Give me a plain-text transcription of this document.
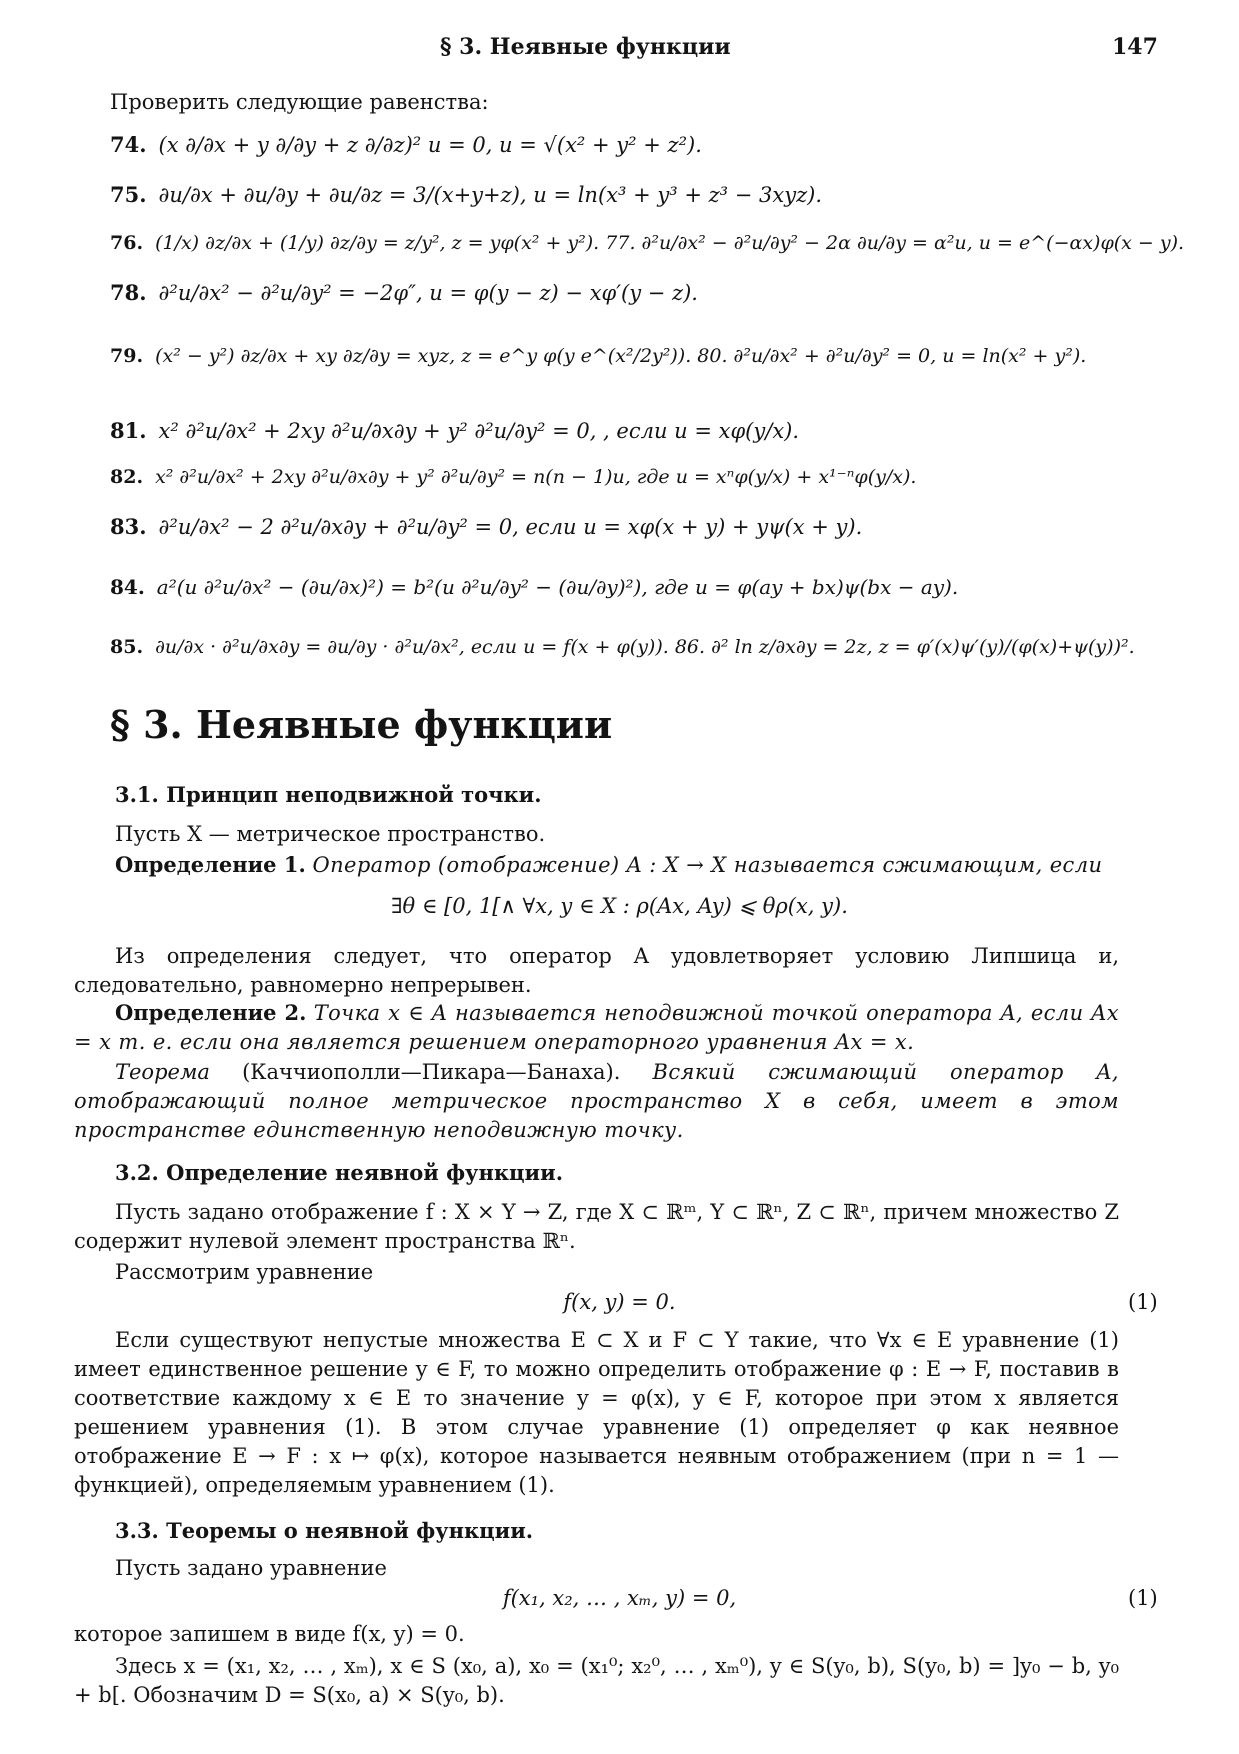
§ 3. Неявные функции	147
Проверить следующие равенства:
74. (x ∂/∂x + y ∂/∂y + z ∂/∂z)² u = 0, u = √(x² + y² + z²).
75. ∂u/∂x + ∂u/∂y + ∂u/∂z = 3/(x+y+z), u = ln(x³ + y³ + z³ − 3xyz).
76. (1/x) ∂z/∂x + (1/y) ∂z/∂y = z/y², z = yφ(x² + y²). 77. ∂²u/∂x² − ∂²u/∂y² − 2α ∂u/∂y = α²u, u = e^(−αx)φ(x − y).
78. ∂²u/∂x² − ∂²u/∂y² = −2φ″, u = φ(y − z) − xφ′(y − z).
79. (x² − y²) ∂z/∂x + xy ∂z/∂y = xyz, z = e^y φ(y e^(x²/2y²)). 80. ∂²u/∂x² + ∂²u/∂y² = 0, u = ln(x² + y²).
81. x² ∂²u/∂x² + 2xy ∂²u/∂x∂y + y² ∂²u/∂y² = 0, , если u = xφ(y/x).
82. x² ∂²u/∂x² + 2xy ∂²u/∂x∂y + y² ∂²u/∂y² = n(n − 1)u, где u = xⁿφ(y/x) + x¹⁻ⁿφ(y/x).
83. ∂²u/∂x² − 2 ∂²u/∂x∂y + ∂²u/∂y² = 0, если u = xφ(x + y) + yψ(x + y).
84. a²(u ∂²u/∂x² − (∂u/∂x)²) = b²(u ∂²u/∂y² − (∂u/∂y)²), где u = φ(ay + bx)ψ(bx − ay).
85. ∂u/∂x · ∂²u/∂x∂y = ∂u/∂y · ∂²u/∂x², если u = f(x + φ(y)). 86. ∂² ln z/∂x∂y = 2z, z = φ′(x)ψ′(y)/(φ(x)+ψ(y))².
§ 3. Неявные функции
3.1. Принцип неподвижной точки.
Пусть X — метрическое пространство.
Определение 1. Оператор (отображение) A : X → X называется сжимающим, если
∃θ ∈ [0, 1[∧ ∀x, y ∈ X : ρ(Ax, Ay) ⩽ θρ(x, y).
Из определения следует, что оператор A удовлетворяет условию Липшица и, следовательно, равномерно непрерывен.
Определение 2. Точка x ∈ A называется неподвижной точкой оператора A, если Ax = x т. е. если она является решением операторного уравнения Ax = x.
Теорема (Каччиополли—Пикара—Банаха). Всякий сжимающий оператор A, отображающий полное метрическое пространство X в себя, имеет в этом пространстве единственную неподвижную точку.
3.2. Определение неявной функции.
Пусть задано отображение f : X × Y → Z, где X ⊂ ℝᵐ, Y ⊂ ℝⁿ, Z ⊂ ℝⁿ, причем множество Z содержит нулевой элемент пространства ℝⁿ.
Рассмотрим уравнение
f(x, y) = 0.	(1)
Если существуют непустые множества E ⊂ X и F ⊂ Y такие, что ∀x ∈ E уравнение (1) имеет единственное решение y ∈ F, то можно определить отображение φ : E → F, поставив в соответствие каждому x ∈ E то значение y = φ(x), y ∈ F, которое при этом x является решением уравнения (1). В этом случае уравнение (1) определяет φ как неявное отображение E → F : x ↦ φ(x), которое называется неявным отображением (при n = 1 — функцией), определяемым уравнением (1).
3.3. Теоремы о неявной функции.
Пусть задано уравнение
f(x₁, x₂, … , xₘ, y) = 0,	(1)
которое запишем в виде f(x, y) = 0.
Здесь x = (x₁, x₂, … , xₘ), x ∈ S (x₀, a), x₀ = (x₁⁰; x₂⁰, … , xₘ⁰), y ∈ S(y₀, b), S(y₀, b) = ]y₀ − b, y₀ + b[. Обозначим D = S(x₀, a) × S(y₀, b).
